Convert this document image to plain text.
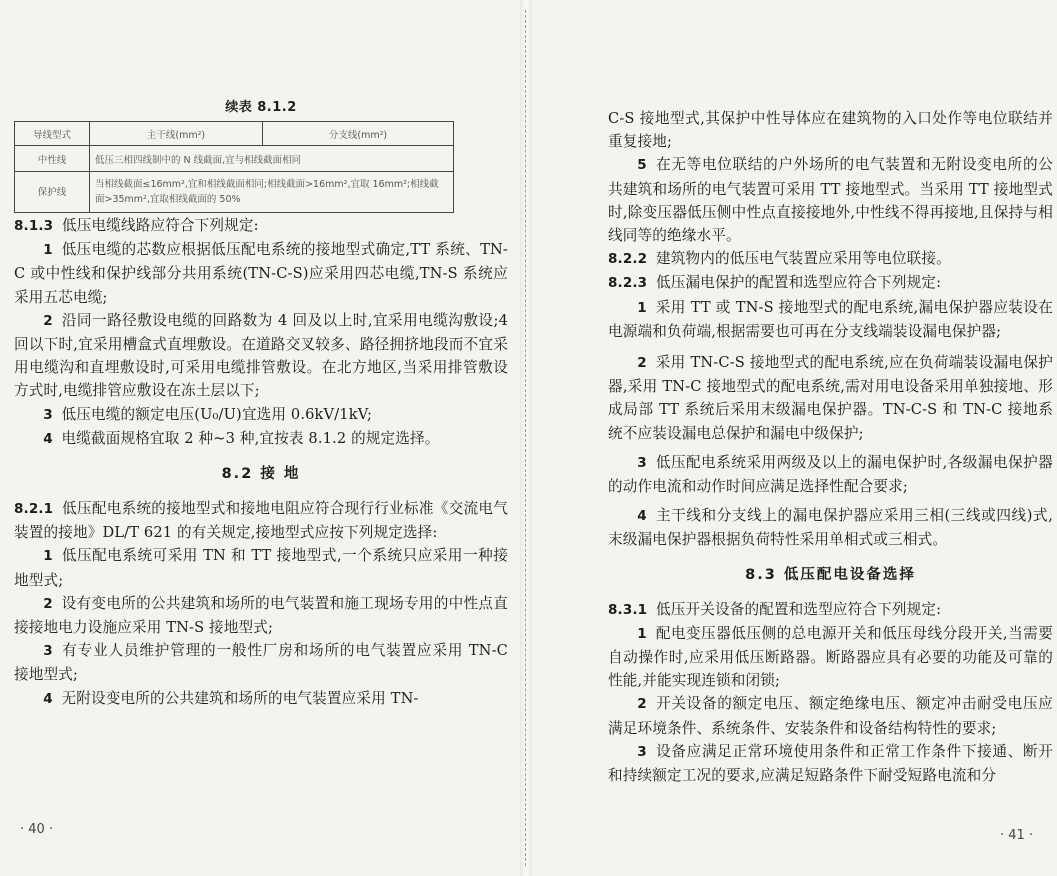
续表 8.1.2
导线型式	主干线(mm²)	分支线(mm²)
中性线	低压三相四线制中的 N 线截面,宜与相线截面相同	
保护线	当相线截面≤16mm²,宜和相线截面相同;相线截面>16mm²,宜取 16mm²;相线截面>35mm²,宜取相线截面的 50%	

8.1.3 低压电缆线路应符合下列规定:

1 低压电缆的芯数应根据低压配电系统的接地型式确定,TT 系统、TN-C 或中性线和保护线部分共用系统(TN-C-S)应采用四芯电缆,TN-S 系统应采用五芯电缆;

2 沿同一路径敷设电缆的回路数为 4 回及以上时,宜采用电缆沟敷设;4 回以下时,宜采用槽盒式直埋敷设。在道路交叉较多、路径拥挤地段而不宜采用电缆沟和直埋敷设时,可采用电缆排管敷设。在北方地区,当采用排管敷设方式时,电缆排管应敷设在冻土层以下;

3 低压电缆的额定电压(U₀/U)宜选用 0.6kV/1kV;

4 电缆截面规格宜取 2 种~3 种,宜按表 8.1.2 的规定选择。

8.2 接 地

8.2.1 低压配电系统的接地型式和接地电阻应符合现行行业标准《交流电气装置的接地》DL/T 621 的有关规定,接地型式应按下列规定选择:

1 低压配电系统可采用 TN 和 TT 接地型式,一个系统只应采用一种接地型式;

2 设有变电所的公共建筑和场所的电气装置和施工现场专用的中性点直接接地电力设施应采用 TN-S 接地型式;

3 有专业人员维护管理的一般性厂房和场所的电气装置应采用 TN-C 接地型式;

4 无附设变电所的公共建筑和场所的电气装置应采用 TN-

· 40 ·

C-S 接地型式,其保护中性导体应在建筑物的入口处作等电位联结并重复接地;

5 在无等电位联结的户外场所的电气装置和无附设变电所的公共建筑和场所的电气装置可采用 TT 接地型式。当采用 TT 接地型式时,除变压器低压侧中性点直接接地外,中性线不得再接地,且保持与相线同等的绝缘水平。

8.2.2 建筑物内的低压电气装置应采用等电位联接。

8.2.3 低压漏电保护的配置和选型应符合下列规定:

1 采用 TT 或 TN-S 接地型式的配电系统,漏电保护器应装设在电源端和负荷端,根据需要也可再在分支线端装设漏电保护器;

2 采用 TN-C-S 接地型式的配电系统,应在负荷端装设漏电保护器,采用 TN-C 接地型式的配电系统,需对用电设备采用单独接地、形成局部 TT 系统后采用末级漏电保护器。TN-C-S 和 TN-C 接地系统不应装设漏电总保护和漏电中级保护;

3 低压配电系统采用两级及以上的漏电保护时,各级漏电保护器的动作电流和动作时间应满足选择性配合要求;

4 主干线和分支线上的漏电保护器应采用三相(三线或四线)式,末级漏电保护器根据负荷特性采用单相式或三相式。

8.3 低压配电设备选择

8.3.1 低压开关设备的配置和选型应符合下列规定:

1 配电变压器低压侧的总电源开关和低压母线分段开关,当需要自动操作时,应采用低压断路器。断路器应具有必要的功能及可靠的性能,并能实现连锁和闭锁;

2 开关设备的额定电压、额定绝缘电压、额定冲击耐受电压应满足环境条件、系统条件、安装条件和设备结构特性的要求;

3 设备应满足正常环境使用条件和正常工作条件下接通、断开和持续额定工况的要求,应满足短路条件下耐受短路电流和分

· 41 ·
